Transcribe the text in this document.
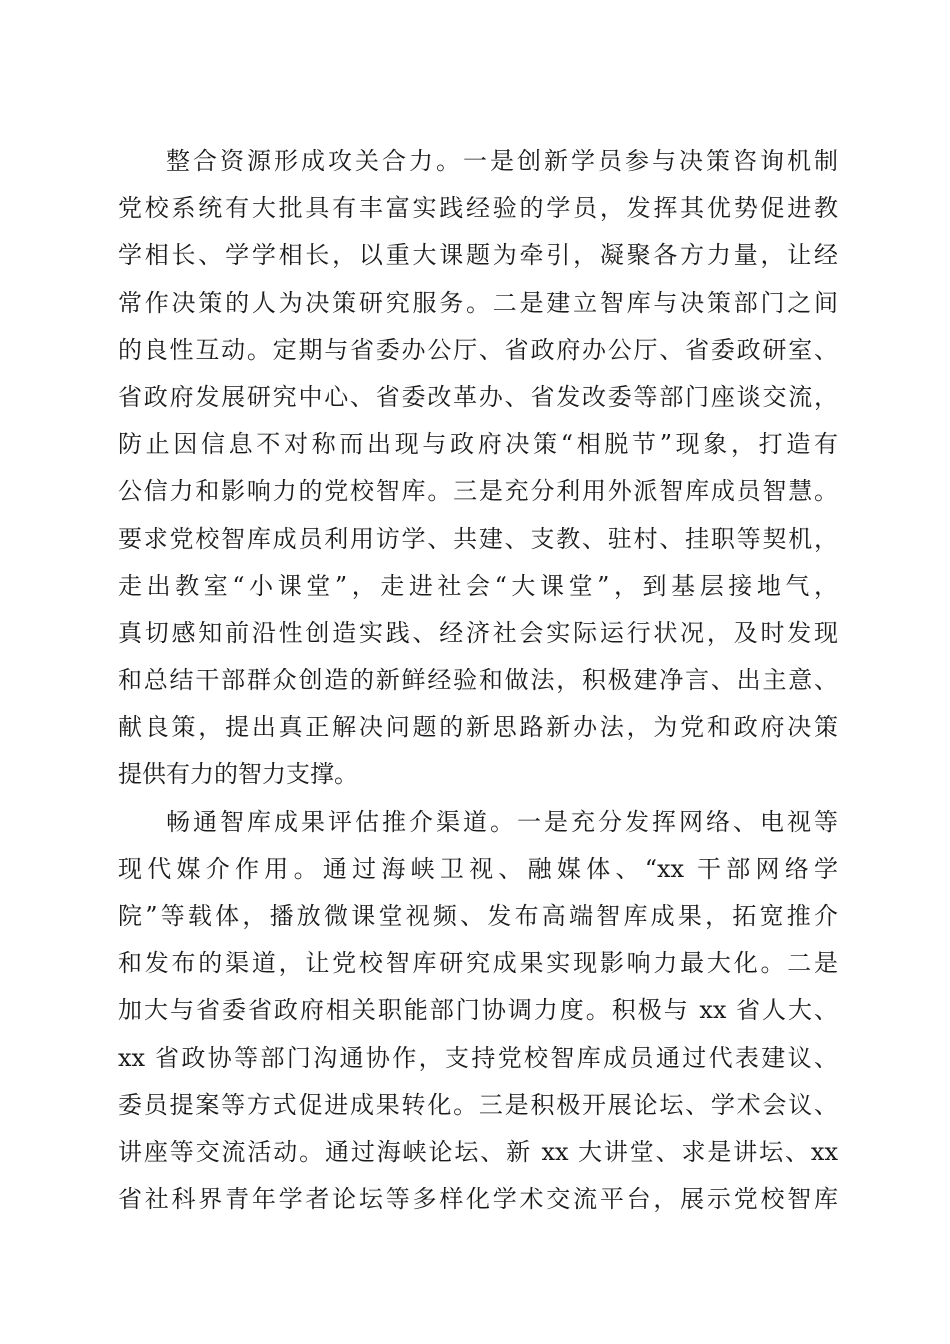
整合资源形成攻关合力。一是创新学员参与决策咨询机制
党校系统有大批具有丰富实践经验的学员，发挥其优势促进教
学相长、学学相长，以重大课题为牵引，凝聚各方力量，让经
常作决策的人为决策研究服务。二是建立智库与决策部门之间
的良性互动。定期与省委办公厅、省政府办公厅、省委政研室、
省政府发展研究中心、省委改革办、省发改委等部门座谈交流，
防止因信息不对称而出现与政府决策“相脱节”现象，打造有
公信力和影响力的党校智库。三是充分利用外派智库成员智慧。
要求党校智库成员利用访学、共建、支教、驻村、挂职等契机，
走出教室“小课堂”，走进社会“大课堂”，到基层接地气，
真切感知前沿性创造实践、经济社会实际运行状况，及时发现
和总结干部群众创造的新鲜经验和做法，积极建净言、出主意、
献良策，提出真正解决问题的新思路新办法，为党和政府决策
提供有力的智力支撑。
畅通智库成果评估推介渠道。一是充分发挥网络、电视等
现代媒介作用。通过海峡卫视、融媒体、“xx 干部网络学
院”等载体，播放微课堂视频、发布高端智库成果，拓宽推介
和发布的渠道，让党校智库研究成果实现影响力最大化。二是
加大与省委省政府相关职能部门协调力度。积极与 xx 省人大、
xx 省政协等部门沟通协作，支持党校智库成员通过代表建议、
委员提案等方式促进成果转化。三是积极开展论坛、学术会议、
讲座等交流活动。通过海峡论坛、新 xx 大讲堂、求是讲坛、xx
省社科界青年学者论坛等多样化学术交流平台，展示党校智库
